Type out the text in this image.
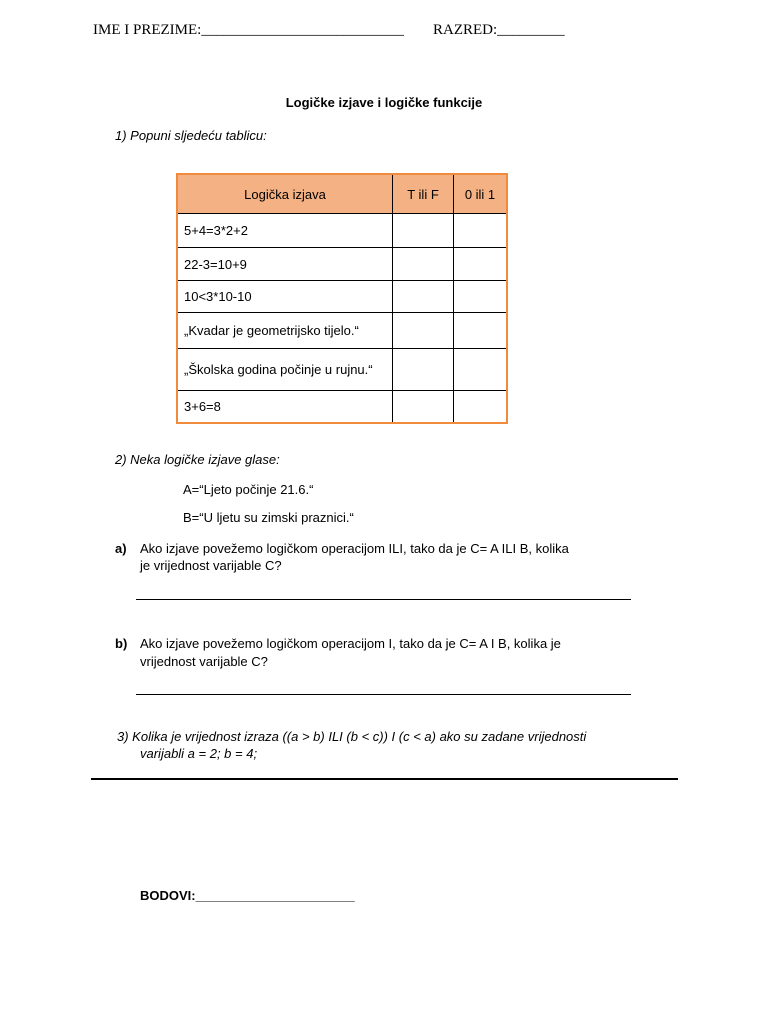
IME I PREZIME:___________________________ RAZRED:_________
Logičke izjave i logičke funkcije
1) Popuni sljedeću tablicu:
Logička izjava	T ili F	0 ili 1
5+4=3*2+2		
22-3=10+9		
10<3*10-10		
„Kvadar je geometrijsko tijelo.“		
„Školska godina počinje u rujnu.“		
3+6=8		
2) Neka logičke izjave glase:
A=“Ljeto počinje 21.6.“
B=“U ljetu su zimski praznici.“
a) Ako izjave povežemo logičkom operacijom ILI, tako da je C= A ILI B, kolika
je vrijednost varijable C?
b) Ako izjave povežemo logičkom operacijom I, tako da je C= A I B, kolika je
vrijednost varijable C?
3) Kolika je vrijednost izraza ((a > b) ILI (b < c)) I (c < a) ako su zadane vrijednosti
varijabli a = 2; b = 4;
BODOVI:______________________
